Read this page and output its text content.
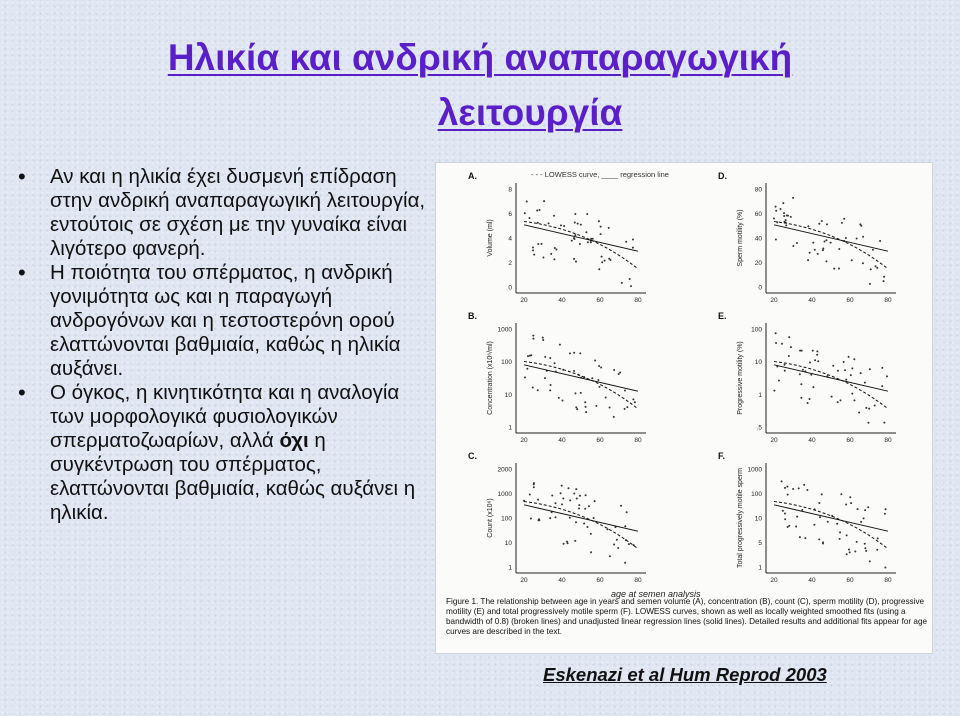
Ηλικία και ανδρική αναπαραγωγική
λειτουργία
• Αν και η ηλικία έχει δυσμενή επίδραση στην ανδρική αναπαραγωγική λειτουργία, εντούτοις σε σχέση με την γυναίκα είναι λιγότερο φανερή.
• Η ποιότητα του σπέρματος, η ανδρική γονιμότητα ως και η παραγωγή ανδρογόνων και η τεστοστερόνη ορού ελαττώνονται βαθμιαία, καθώς η ηλικία αυξάνει.
• Ο όγκος, η κινητικότητα και η αναλογία των μορφολογικά φυσιολογικών σπερματοζωαρίων, αλλά όχι η συγκέντρωση του σπέρματος, ελαττώνονται βαθμιαία, καθώς αυξάνει η ηλικία.
- - - LOWESS curve, ____ regression line
age at semen analysis
A.
Volume (ml)
8
6
4
2
0
20	40	60	80
B.
Concentration (x10⁶/ml)
1000
100
10
1
20	40	60	80
C.
Count (x10⁶)
2000
1000
100
10
1
20	40	60	80
D.
Sperm motility (%)
80
60
40
20
0
20	40	60	80
E.
Progressive motility (%)
100
10
1
.5
20	40	60	80
F.
Total progressively motile sperm 1000
100
10
5
1
20	40	60	80
Figure 1. The relationship between age in years and semen volume (A), concentration (B), count (C), sperm motility (D), progressive
motility (E) and total progressively motile sperm (F). LOWESS curves, shown as well as locally weighted smoothed fits (using a
bandwidth of 0.8) (broken lines) and unadjusted linear regression lines (solid lines). Detailed results and additional fits appear for age
curves are described in the text.
Eskenazi et al Hum Reprod 2003
